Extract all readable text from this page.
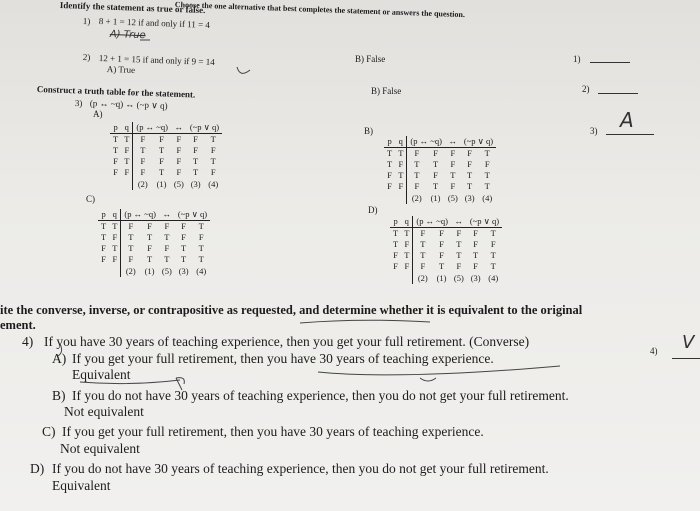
Identify the statement as true or false.
Choose the one alternative that best completes the statement or answers the question.
1) 8 + 1 = 12 if and only if 11 = 4
A) True
B) False	1)
2) 12 + 1 = 15 if and only if 9 = 14
A) True
B) False	2)
Construct a truth table for the statement.
3) (p ↔ ~q) ↔ (~p ∨ q)
3) A
A)
p	q	(p ↔ ~q)		↔	(~p ∨ q)	
T	T	F	F	F	F	T
T	F	T	T	F	F	F
F	T	F	F	F	T	T
F	F	F	T	F	T	F
		(2)	(1)	(5)	(3)	(4)
B)
p	q	(p ↔ ~q)		↔	(~p ∨ q)	
T	T	F	F	F	F	T
T	F	T	T	F	F	F
F	T	T	F	T	T	T
F	F	F	T	F	T	T
		(2)	(1)	(5)	(3)	(4)
C)
p	q	(p ↔ ~q)		↔	(~p ∨ q)	
T	T	F	F	F	F	T
T	F	T	T	T	F	F
F	T	T	F	F	T	T
F	F	F	T	T	T	T
		(2)	(1)	(5)	(3)	(4)
D)
p	q	(p ↔ ~q)		↔	(~p ∨ q)	
T	T	F	F	F	F	T
T	F	T	F	T	F	F
F	T	T	F	T	T	T
F	F	F	T	F	F	T
		(2)	(1)	(5)	(3)	(4)
ite the converse, inverse, or contrapositive as requested, and determine whether it is equivalent to the original
ement.
4) If you have 30 years of teaching experience, then you get your full retirement. (Converse)
4) V
A) If you get your full retirement, then you have 30 years of teaching experience.
Equivalent
B) If you do not have 30 years of teaching experience, then you do not get your full retirement.
Not equivalent
C) If you get your full retirement, then you have 30 years of teaching experience.
Not equivalent
D) If you do not have 30 years of teaching experience, then you do not get your full retirement.
Equivalent
